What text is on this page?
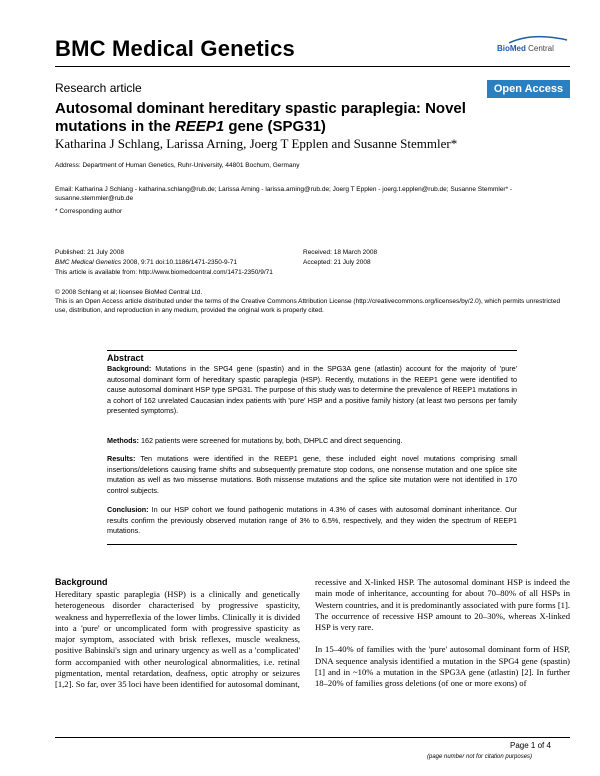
BMC Medical Genetics	BioMed Central
Research article	Open Access
Autosomal dominant hereditary spastic paraplegia: Novel mutations in the REEP1 gene (SPG31)
Katharina J Schlang, Larissa Arning, Joerg T Epplen and Susanne Stemmler*
Address: Department of Human Genetics, Ruhr-University, 44801 Bochum, Germany
Email: Katharina J Schlang - katharina.schlang@rub.de; Larissa Arning - larissa.arning@rub.de; Joerg T Epplen - joerg.t.epplen@rub.de; Susanne Stemmler* - susanne.stemmler@rub.de
* Corresponding author
Published: 21 July 2008
BMC Medical Genetics 2008, 9:71 doi:10.1186/1471-2350-9-71
This article is available from: http://www.biomedcentral.com/1471-2350/9/71
Received: 18 March 2008
Accepted: 21 July 2008
© 2008 Schlang et al; licensee BioMed Central Ltd.
This is an Open Access article distributed under the terms of the Creative Commons Attribution License (http://creativecommons.org/licenses/by/2.0), which permits unrestricted use, distribution, and reproduction in any medium, provided the original work is properly cited.
Abstract
Background: Mutations in the SPG4 gene (spastin) and in the SPG3A gene (atlastin) account for the majority of 'pure' autosomal dominant form of hereditary spastic paraplegia (HSP). Recently, mutations in the REEP1 gene were identified to cause autosomal dominant HSP type SPG31. The purpose of this study was to determine the prevalence of REEP1 mutations in a cohort of 162 unrelated Caucasian index patients with 'pure' HSP and a positive family history (at least two persons per family presented symptoms).
Methods: 162 patients were screened for mutations by, both, DHPLC and direct sequencing.
Results: Ten mutations were identified in the REEP1 gene, these included eight novel mutations comprising small insertions/deletions causing frame shifts and subsequently premature stop codons, one nonsense mutation and one splice site mutation as well as two missense mutations. Both missense mutations and the splice site mutation were not identified in 170 control subjects.
Conclusion: In our HSP cohort we found pathogenic mutations in 4.3% of cases with autosomal dominant inheritance. Our results confirm the previously observed mutation range of 3% to 6.5%, respectively, and they widen the spectrum of REEP1 mutations.
Background

Hereditary spastic paraplegia (HSP) is a clinically and genetically heterogeneous disorder characterised by progressive spasticity, weakness and hyperreflexia of the lower limbs. Clinically it is divided into a 'pure' or uncomplicated form with progressive spasticity as major symptom, associated with brisk reflexes, muscle weakness, positive Babinski's sign and urinary urgency as well as a 'complicated' form accompanied with other neurological abnormalities, i.e. retinal pigmentation, mental retardation, deafness, optic atrophy or seizures [1,2]. So far, over 35 loci have been identified for autosomal dominant,

recessive and X-linked HSP. The autosomal dominant HSP is indeed the main mode of inheritance, accounting for about 70–80% of all HSPs in Western countries, and it is predominantly associated with pure forms [1]. The occurrence of recessive HSP amount to 20–30%, whereas X-linked HSP is very rare.

In 15–40% of families with the 'pure' autosomal dominant form of HSP, DNA sequence analysis identified a mutation in the SPG4 gene (spastin) [1] and in ~10% a mutation in the SPG3A gene (atlastin) [2]. In further 18–20% of families gross deletions (of one or more exons) of

Page 1 of 4
(page number not for citation purposes)
